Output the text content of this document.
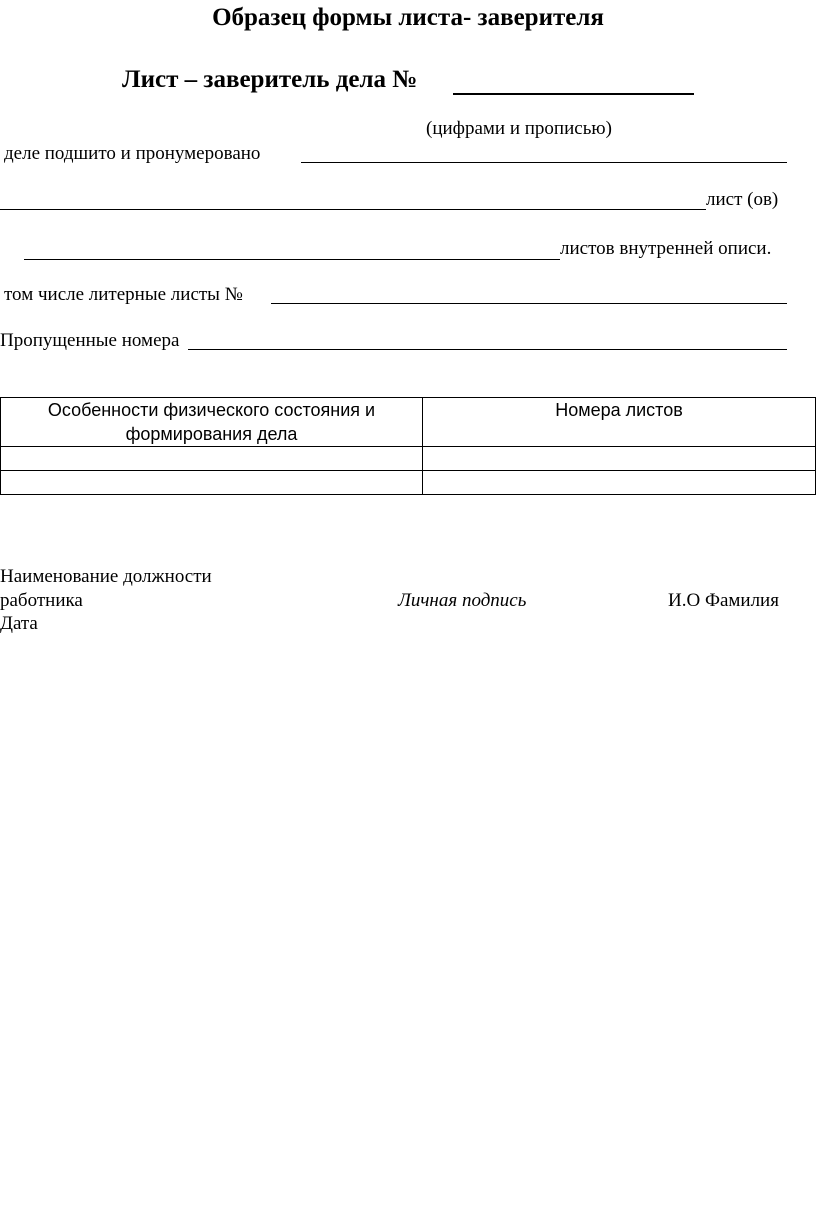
Образец формы листа- заверителя
Лист – заверитель дела №
(цифрами и прописью)
деле подшито и пронумеровано
лист (ов)
листов внутренней описи.
том числе литерные листы №
Пропущенные номера
Особенности физического состояния и формирования дела	Номера листов

Наименование должности
работника
Дата
Личная подпись	И.О Фамилия
